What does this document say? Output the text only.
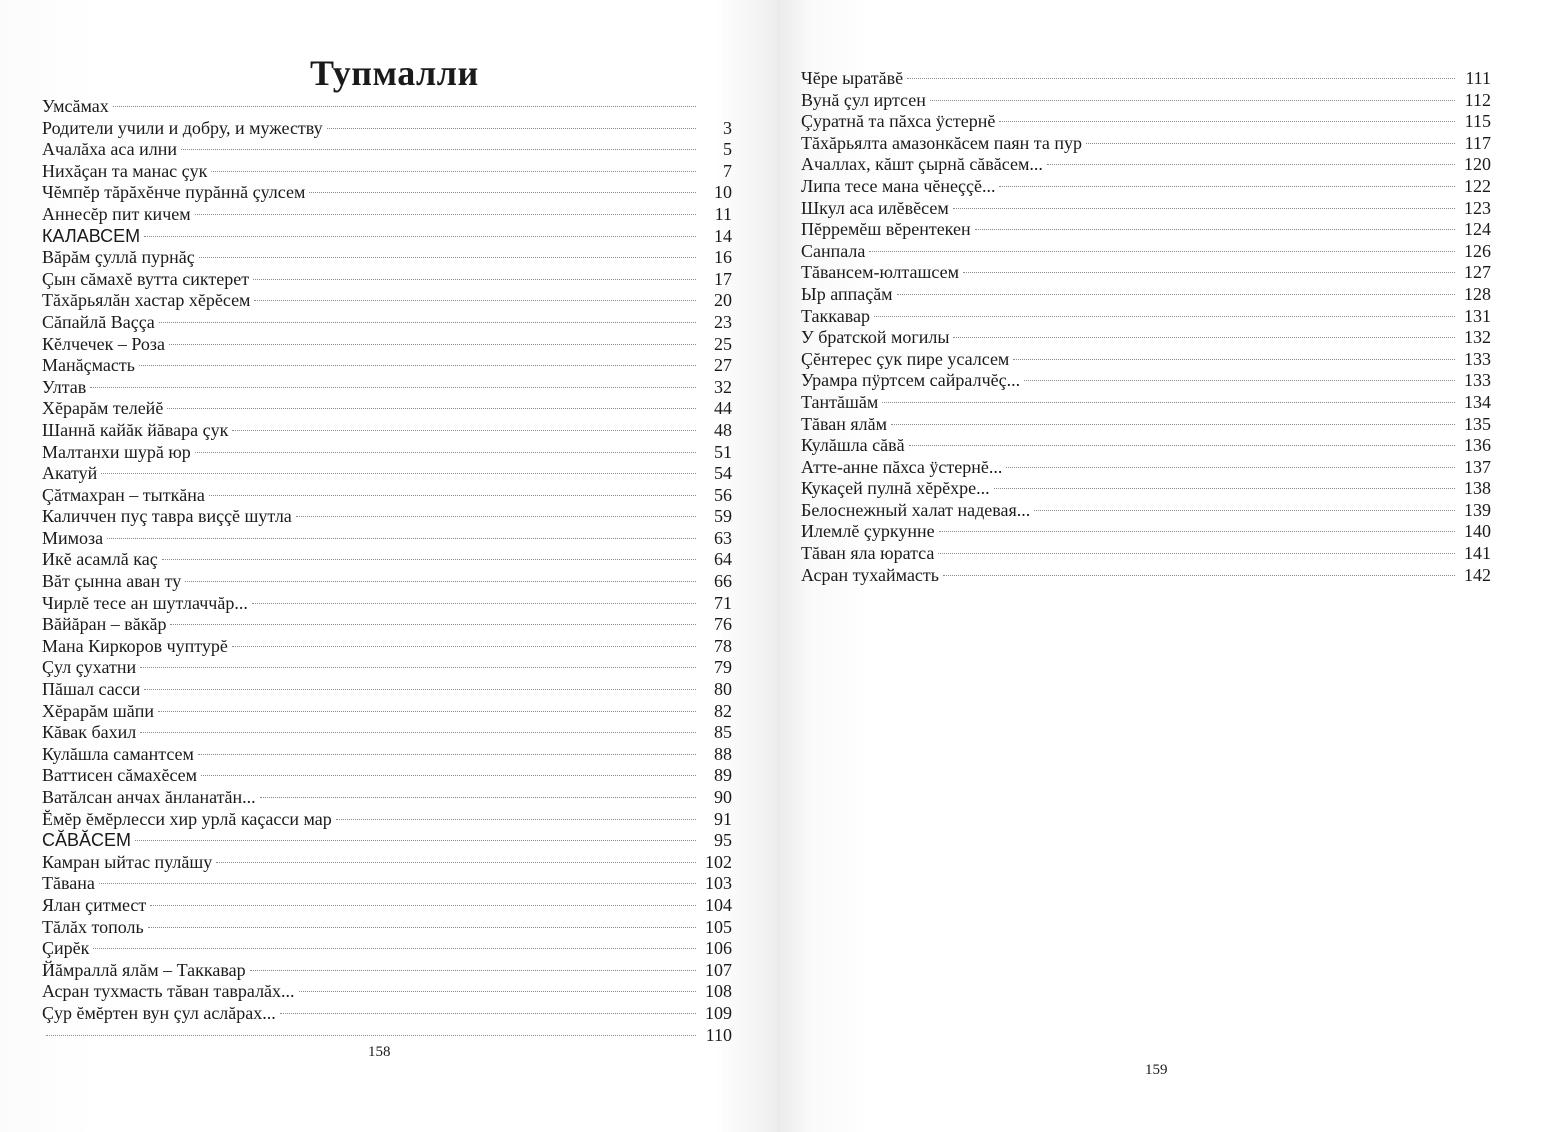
Тупмалли
Умсăмах
Родители учили и добру, и мужеству	3
Ачалăха аса илни	5
Нихăçан та манас çук	7
Чĕмпĕр тăрăхĕнче пурăннă çулсем	10
Аннесĕр пит кичем	11
КАЛАВСЕМ	14
Вăрăм çуллă пурнăç	16
Çын сăмахĕ вутта сиктерет	17
Тăхăрьялăн хастар хĕрĕсем	20
Сăпайлă Ваççа	23
Кĕлчечек – Роза	25
Манăçмасть	27
Ултав	32
Хĕрарăм телейĕ	44
Шаннă кайăк йăвара çук	48
Малтанхи шурă юр	51
Акатуй	54
Çăтмахран – тыткăна	56
Каличчен пуç тавра виççĕ шутла	59
Мимоза	63
Икĕ асамлă каç	64
Вăт çынна аван ту	66
Чирлĕ тесе ан шутлаччăр...	71
Вăйăран – вăкăр	76
Мана Киркоров чуптурĕ	78
Çул çухатни	79
Пăшал сасси	80
Хĕрарăм шăпи	82
Кăвак бахил	85
Кулăшла самантсем	88
Ваттисен сăмахĕсем	89
Ватăлсан анчах ăнланатăн...	90
Ĕмĕр ĕмĕрлесси хир урлă каçасси мар	91
СĂВĂСЕМ	95
Камран ыйтас пулăшу	102
Тăвана	103
Ялан çитмест	104
Тăлăх тополь	105
Çирĕк	106
Йăмраллă ялăм – Таккавар	107
Асран тухмасть тăван тавралăх...	108
Çур ĕмĕртен вун çул аслăрах...	109
110
158
Чĕре ыратăвĕ	111
Вунă çул иртсен	112
Çуратнă та пăхса ÿстернĕ	115
Тăхăрьялта амазонкăсем паян та пур	117
Ачаллах, кăшт çырнă сăвăсем...	120
Липа тесе мана чĕнеççĕ...	122
Шкул аса илĕвĕсем	123
Пĕрремĕш вĕрентекен	124
Санпала	126
Тăвансем-юлташсем	127
Ыр аппаçăм	128
Таккавар	131
У братской могилы	132
Çĕнтерес çук пире усалсем	133
Урамра пÿртсем сайралчĕç...	133
Тантăшăм	134
Тăван ялăм	135
Кулăшла сăвă	136
Атте-анне пăхса ÿстернĕ...	137
Кукаçей пулнă хĕрĕхре...	138
Белоснежный халат надевая...	139
Илемлĕ çуркунне	140
Тăван яла юратса	141
Асран тухаймасть	142
159
